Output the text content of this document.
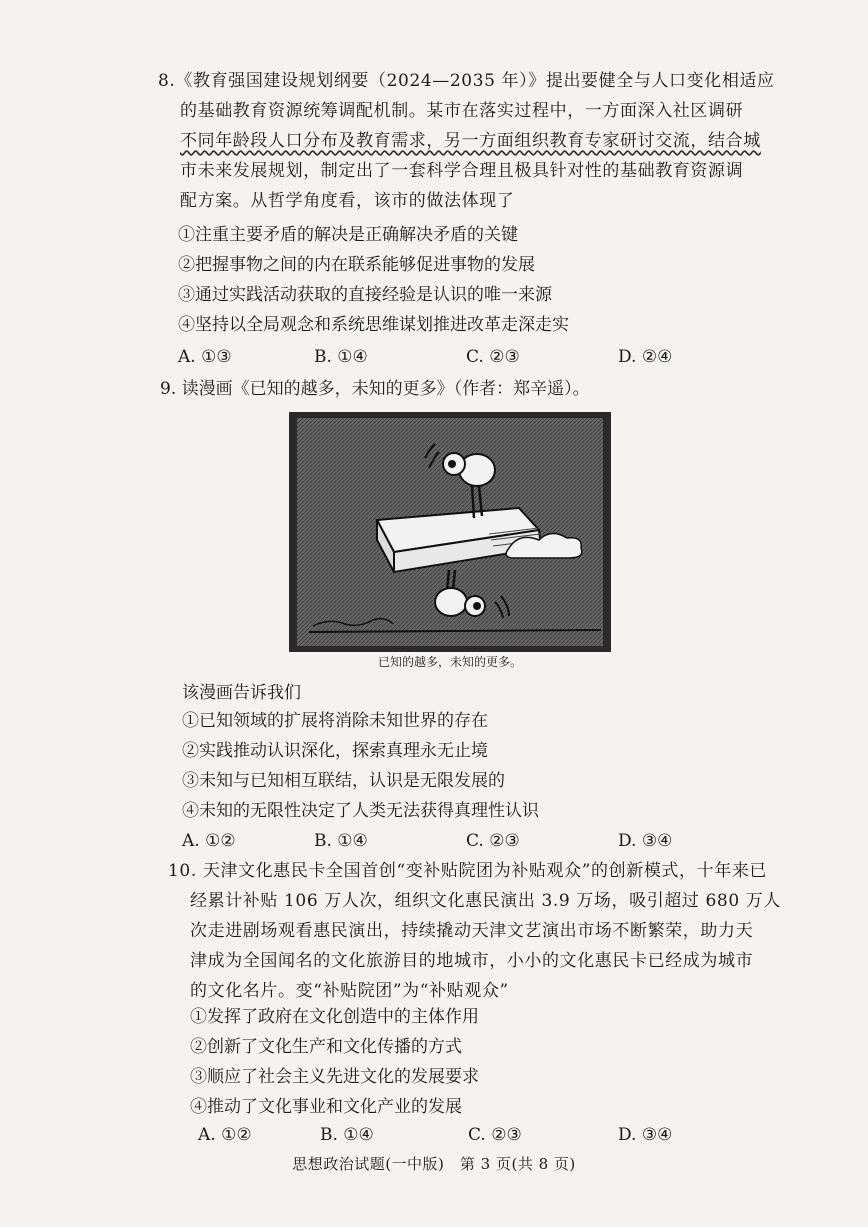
8.《教育强国建设规划纲要（2024—2035 年）》提出要健全与人口变化相适应
的基础教育资源统筹调配机制。某市在落实过程中，一方面深入社区调研
不同年龄段人口分布及教育需求，另一方面组织教育专家研讨交流，结合城
市未来发展规划，制定出了一套科学合理且极具针对性的基础教育资源调
配方案。从哲学角度看，该市的做法体现了
①注重主要矛盾的解决是正确解决矛盾的关键
②把握事物之间的内在联系能够促进事物的发展
③通过实践活动获取的直接经验是认识的唯一来源
④坚持以全局观念和系统思维谋划推进改革走深走实
A. ①③	B. ①④	C. ②③	D. ②④
9. 读漫画《已知的越多，未知的更多》（作者：郑辛遥）。
已知的越多，未知的更多。
该漫画告诉我们
①已知领域的扩展将消除未知世界的存在
②实践推动认识深化，探索真理永无止境
③未知与已知相互联结，认识是无限发展的
④未知的无限性决定了人类无法获得真理性认识
A. ①②	B. ①④	C. ②③	D. ③④
10. 天津文化惠民卡全国首创“变补贴院团为补贴观众”的创新模式，十年来已
经累计补贴 106 万人次，组织文化惠民演出 3.9 万场，吸引超过 680 万人
次走进剧场观看惠民演出，持续撬动天津文艺演出市场不断繁荣，助力天
津成为全国闻名的文化旅游目的地城市，小小的文化惠民卡已经成为城市
的文化名片。变“补贴院团”为“补贴观众”
①发挥了政府在文化创造中的主体作用
②创新了文化生产和文化传播的方式
③顺应了社会主义先进文化的发展要求
④推动了文化事业和文化产业的发展
A. ①②	B. ①④	C. ②③	D. ③④
思想政治试题(一中版)　第 3 页(共 8 页)
